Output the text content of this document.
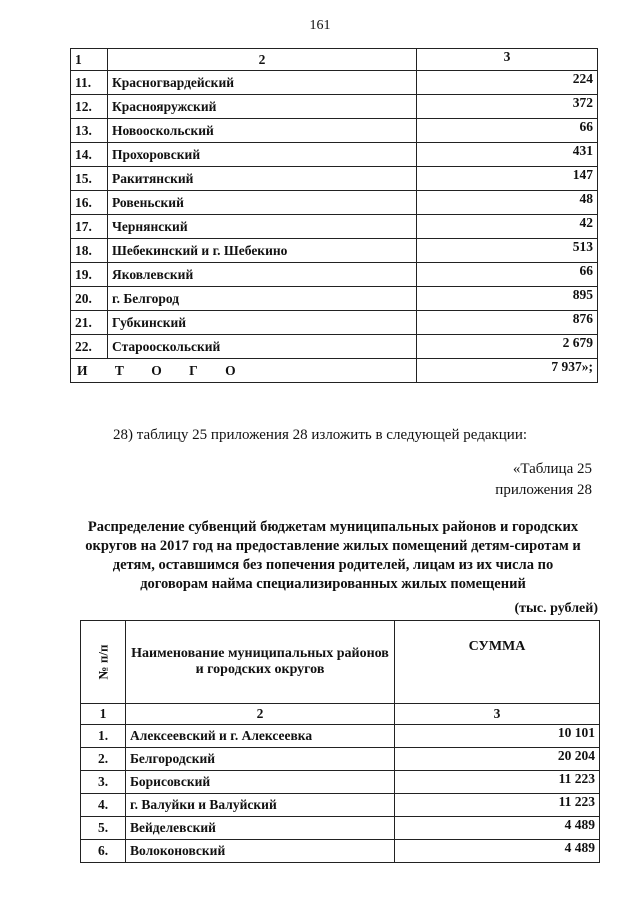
161
1	2	3
11.	Красногвардейский	224
12.	Краснояружский	372
13.	Новооскольский	66
14.	Прохоровский	431
15.	Ракитянский	147
16.	Ровеньский	48
17.	Чернянский	42
18.	Шебекинский и г. Шебекино	513
19.	Яковлевский	66
20.	г. Белгород	895
21.	Губкинский	876
22.	Старооскольский	2 679
И Т О Г О		7 937»;
28) таблицу 25 приложения 28 изложить в следующей редакции:
«Таблица 25
приложения 28
Распределение субвенций бюджетам муниципальных районов и городских округов на 2017 год на предоставление жилых помещений детям-сиротам и детям, оставшимся без попечения родителей, лицам из их числа по договорам найма специализированных жилых помещений
(тыс. рублей)
№ п/п	Наименование муниципальных районов и городских округов	СУММА
1	2	3
1.	Алексеевский и г. Алексеевка	10 101
2.	Белгородский	20 204
3.	Борисовский	11 223
4.	г. Валуйки и Валуйский	11 223
5.	Вейделевский	4 489
6.	Волоконовский	4 489
